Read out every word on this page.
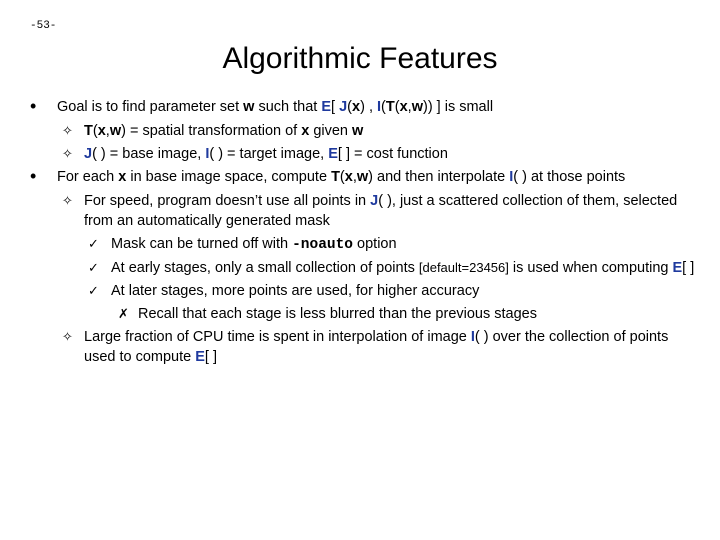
-53-
Algorithmic Features
• Goal is to find parameter set w such that E[ J(x) , I(T(x,w)) ] is small
✧ T(x,w) = spatial transformation of x given w
✧ J( ) = base image, I( ) = target image, E[ ] = cost function
• For each x in base image space, compute T(x,w) and then interpolate I( ) at those points
✧ For speed, program doesn’t use all points in J( ), just a scattered collection of them, selected from an automatically generated mask
✓ Mask can be turned off with -noauto option
✓ At early stages, only a small collection of points [default=23456] is used when computing E[ ]
✓ At later stages, more points are used, for higher accuracy
✗ Recall that each stage is less blurred than the previous stages
✧ Large fraction of CPU time is spent in interpolation of image I( ) over the collection of points used to compute E[ ]
